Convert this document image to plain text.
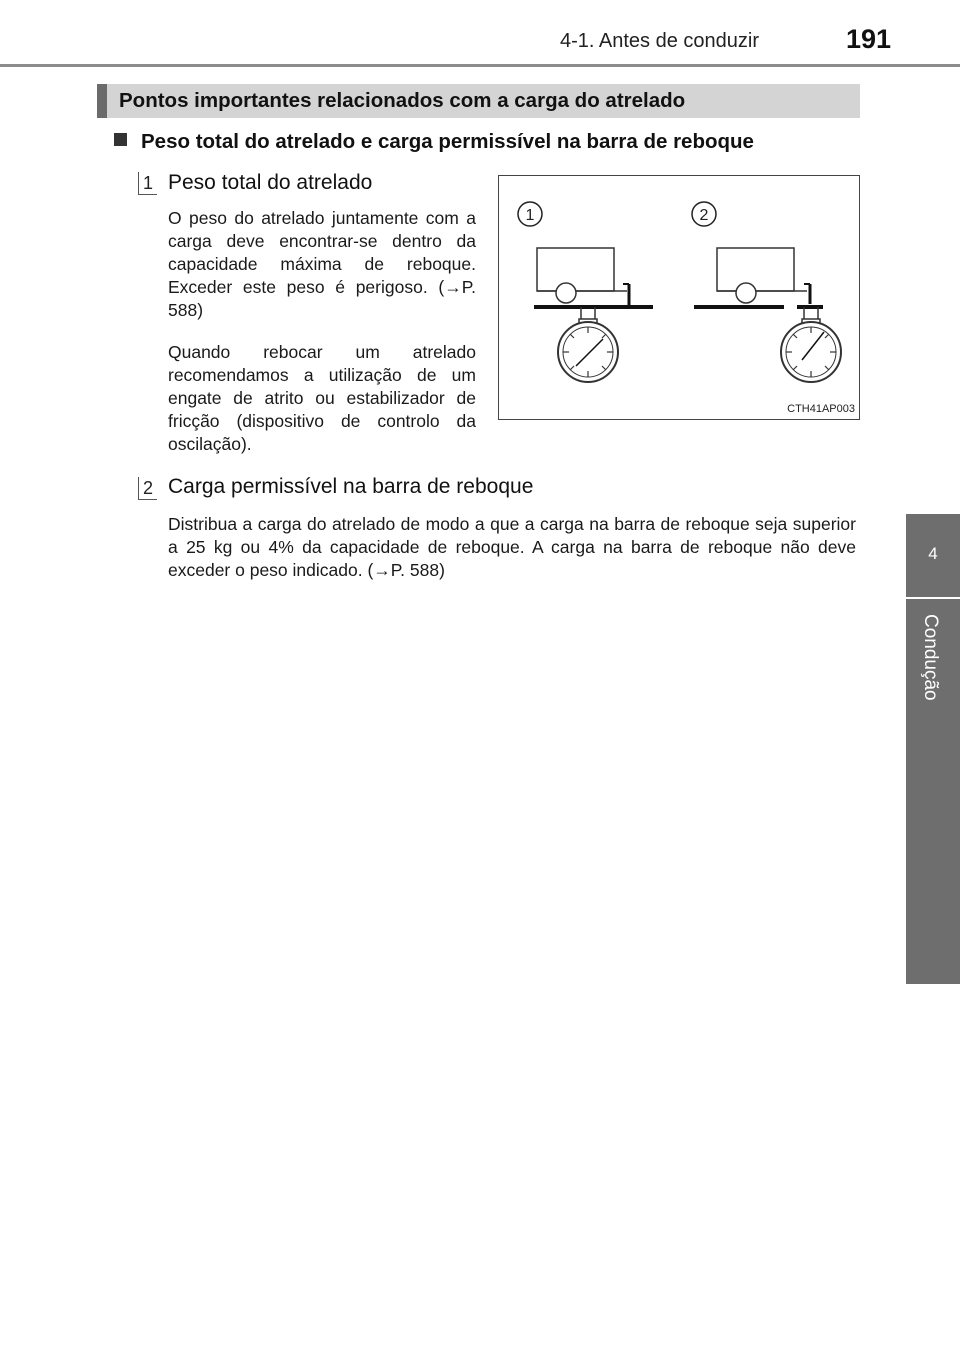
4-1. Antes de conduzir	191
Pontos importantes relacionados com a carga do atrelado
Peso total do atrelado e carga permissível na barra de reboque
1 Peso total do atrelado

O peso do atrelado juntamente com a carga deve encontrar-se dentro da capacidade máxima de reboque. Exceder este peso é perigoso. (→P. 588)

Quando rebocar um atrelado recomendamos a utilização de um engate de atrito ou estabilizador de fricção (dispositivo de controlo da oscilação).

1	2
CTH41AP003
2 Carga permissível na barra de reboque

Distribua a carga do atrelado de modo a que a carga na barra de reboque seja superior a 25 kg ou 4% da capacidade de reboque. A carga na barra de reboque não deve exceder o peso indicado. (→P. 588)

4
Condução
